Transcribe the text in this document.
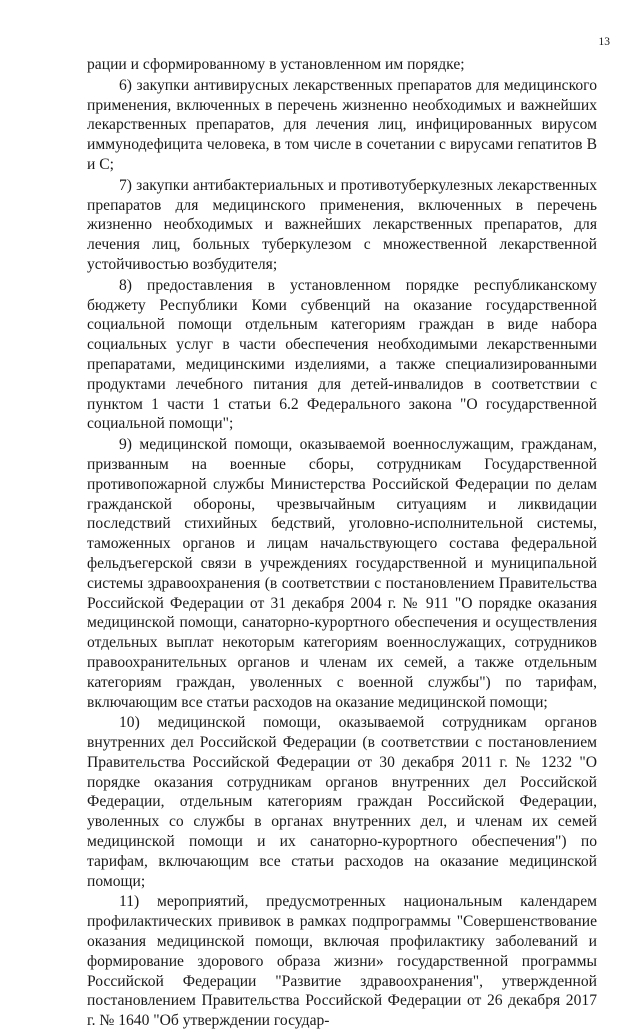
13

рации и сформированному в установленном им порядке;

6) закупки антивирусных лекарственных препаратов для медицинского применения, включенных в перечень жизненно необходимых и важнейших лекарственных препаратов, для лечения лиц, инфицированных вирусом иммунодефицита человека, в том числе в сочетании с вирусами гепатитов В и С;

7) закупки антибактериальных и противотуберкулезных лекарственных препаратов для медицинского применения, включенных в перечень жизненно необходимых и важнейших лекарственных препаратов, для лечения лиц, больных туберкулезом с множественной лекарственной устойчивостью возбудителя;

8) предоставления в установленном порядке республиканскому бюджету Республики Коми субвенций на оказание государственной социальной помощи отдельным категориям граждан в виде набора социальных услуг в части обеспечения необходимыми лекарственными препаратами, медицинскими изделиями, а также специализированными продуктами лечебного питания для детей-инвалидов в соответствии с пунктом 1 части 1 статьи 6.2 Федерального закона "О государственной социальной помощи";

9) медицинской помощи, оказываемой военнослужащим, гражданам, призванным на военные сборы, сотрудникам Государственной противопожарной службы Министерства Российской Федерации по делам гражданской обороны, чрезвычайным ситуациям и ликвидации последствий стихийных бедствий, уголовно-исполнительной системы, таможенных органов и лицам начальствующего состава федеральной фельдъегерской связи в учреждениях государственной и муниципальной системы здравоохранения (в соответствии с постановлением Правительства Российской Федерации от 31 декабря 2004 г. № 911 "О порядке оказания медицинской помощи, санаторно-курортного обеспечения и осуществления отдельных выплат некоторым категориям военнослужащих, сотрудников правоохранительных органов и членам их семей, а также отдельным категориям граждан, уволенных с военной службы") по тарифам, включающим все статьи расходов на оказание медицинской помощи;

10) медицинской помощи, оказываемой сотрудникам органов внутренних дел Российской Федерации (в соответствии с постановлением Правительства Российской Федерации от 30 декабря 2011 г. № 1232 "О порядке оказания сотрудникам органов внутренних дел Российской Федерации, отдельным категориям граждан Российской Федерации, уволенных со службы в органах внутренних дел, и членам их семей медицинской помощи и их санаторно-курортного обеспечения") по тарифам, включающим все статьи расходов на оказание медицинской помощи;

11) мероприятий, предусмотренных национальным календарем профилактических прививок в рамках подпрограммы "Совершенствование оказания медицинской помощи, включая профилактику заболеваний и формирование здорового образа жизни» государственной программы Российской Федерации "Развитие здравоохранения", утвержденной постановлением Правительства Российской Федерации от 26 декабря 2017 г. № 1640 "Об утверждении государ-
